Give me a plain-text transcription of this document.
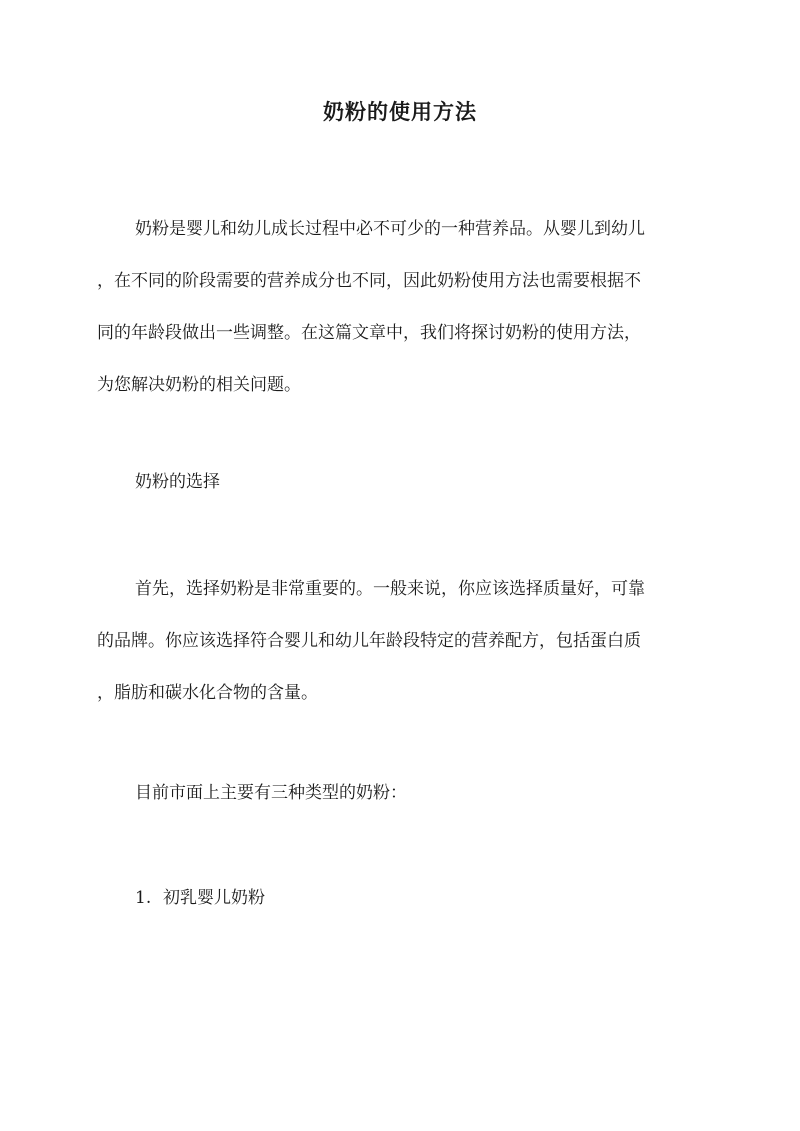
奶粉的使用方法
奶粉是婴儿和幼儿成长过程中必不可少的一种营养品。从婴儿到幼儿
，在不同的阶段需要的营养成分也不同，因此奶粉使用方法也需要根据不
同的年龄段做出一些调整。在这篇文章中，我们将探讨奶粉的使用方法，
为您解决奶粉的相关问题。
奶粉的选择
首先，选择奶粉是非常重要的。一般来说，你应该选择质量好，可靠
的品牌。你应该选择符合婴儿和幼儿年龄段特定的营养配方，包括蛋白质
，脂肪和碳水化合物的含量。
目前市面上主要有三种类型的奶粉：
1. 初乳婴儿奶粉
